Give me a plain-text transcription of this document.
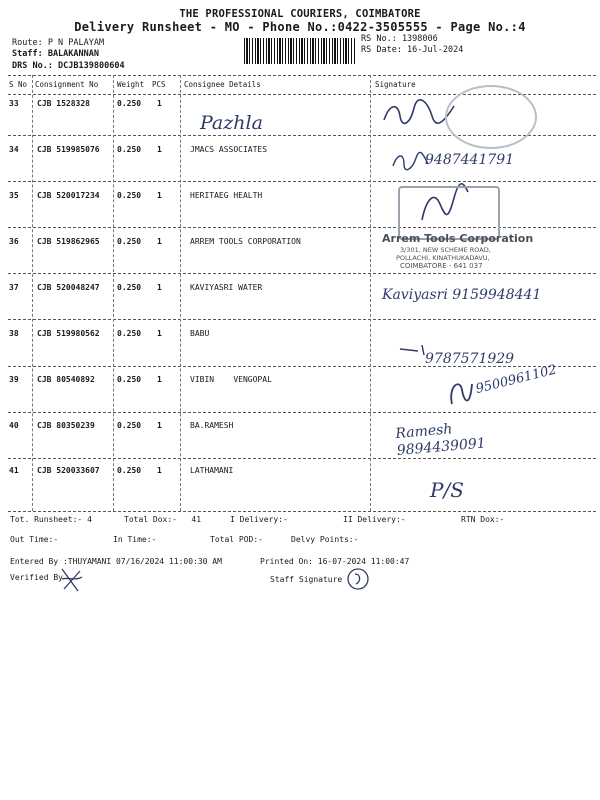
THE PROFESSIONAL COURIERS, COIMBATORE
Delivery Runsheet - MO - Phone No.:0422-3505555 - Page No.:4
Route: P N PALAYAM
Staff: BALAKANNAN
DRS No.: DCJB139800604
RS No.: 1398006
RS Date: 16-Jul-2024
S No Consignment No	Weight PCS Consignee Details	Signature
33 CJB 1528328	0.250 1
34 CJB 519985076 0.250 1	JMACS ASSOCIATES
35 CJB 520017234 0.250 1	HERITAEG HEALTH
36 CJB 519862965 0.250 1	ARREM TOOLS CORPORATION
37 CJB 520048247 0.250 1	KAVIYASRI WATER
38 CJB 519980562 0.250 1	BABU
39 CJB 80540892	0.250 1	VIBIN    VENGOPAL
40 CJB 80350239	0.250 1	BA.RAMESH
41 CJB 520033607 0.250 1	LATHAMANI
Pazhla
9487441791
Arrem Tools Corporation
3/301, NEW SCHEME ROAD,
POLLACHI, KINATHUKADAVU,
COIMBATORE - 641 037
Kaviyasri 9159948441
9787571929
9500961102
Ramesh 9894439091
P/S
Tot. Runsheet:- 4	Total Dox:-   41	I Delivery:-	II Delivery:-	RTN Dox:-
Out Time:-	In Time:-	Total POD:-	Delvy Points:-
Entered By :THUYAMANI 07/16/2024 11:00:30 AM	Printed On: 16-07-2024 11:00:47
Verified By	Staff Signature
